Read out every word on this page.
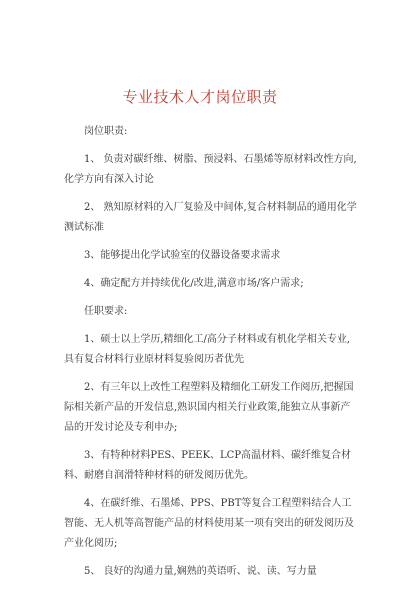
专业技术人才岗位职责

岗位职责:

1、 负责对碳纤维、树脂、预浸料、石墨烯等原材料改性方向,化学方向有深入讨论

2、 熟知原材料的入厂复验及中间体,复合材料制品的通用化学测试标准

3、能够提出化学试验室的仪器设备要求需求

4、确定配方并持续优化/改进,满意市场/客户需求;

任职要求:

1、硕士以上学历,精细化工/高分子材料或有机化学相关专业,具有复合材料行业原材料复验阅历者优先

2、有三年以上改性工程塑料及精细化工研发工作阅历,把握国际相关新产品的开发信息,熟识国内相关行业政策,能独立从事新产品的开发讨论及专利申办;

3、有特种材料PES、PEEK、LCP高温材料、碳纤维复合材料、耐磨自润滑特种材料的研发阅历优先。

4、在碳纤维、石墨烯、PPS、PBT等复合工程塑料结合人工智能、无人机等高智能产品的材料使用某一项有突出的研发阅历及产业化阅历;

5、 良好的沟通力量,娴熟的英语听、说、读、写力量
